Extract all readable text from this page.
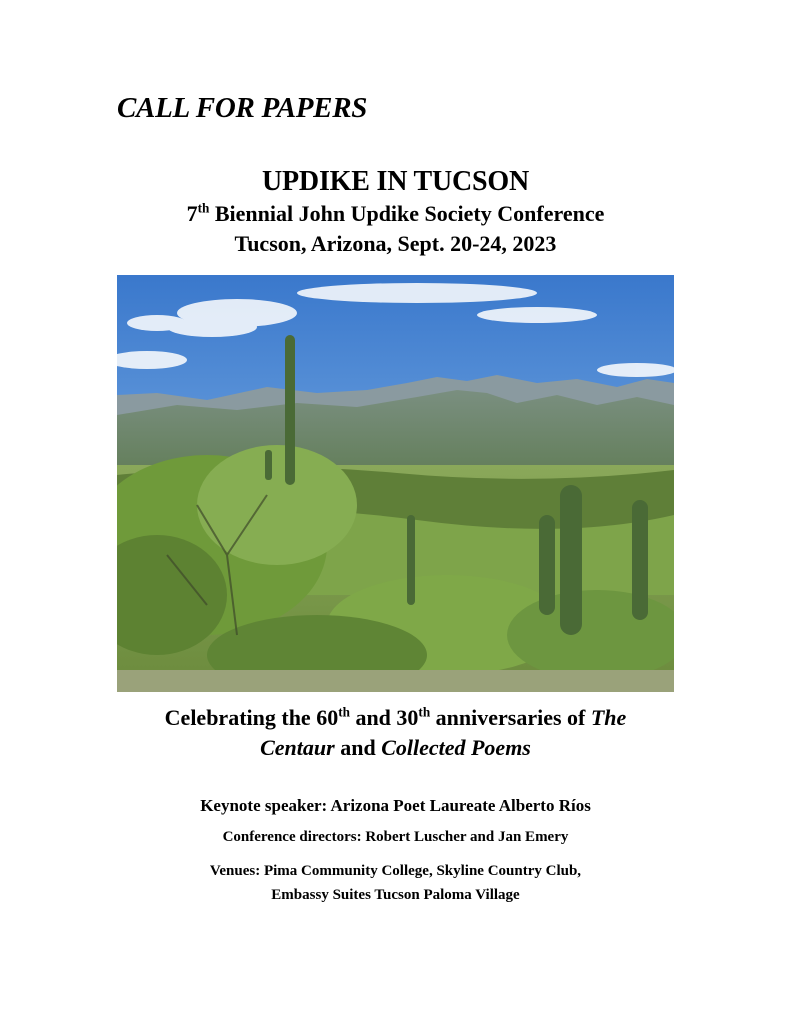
CALL FOR PAPERS
UPDIKE IN TUCSON
7th Biennial John Updike Society Conference
Tucson, Arizona, Sept. 20-24, 2023
Celebrating the 60th and 30th anniversaries of The
Centaur and Collected Poems
Keynote speaker: Arizona Poet Laureate Alberto Ríos
Conference directors: Robert Luscher and Jan Emery
Venues: Pima Community College, Skyline Country Club,
Embassy Suites Tucson Paloma Village
